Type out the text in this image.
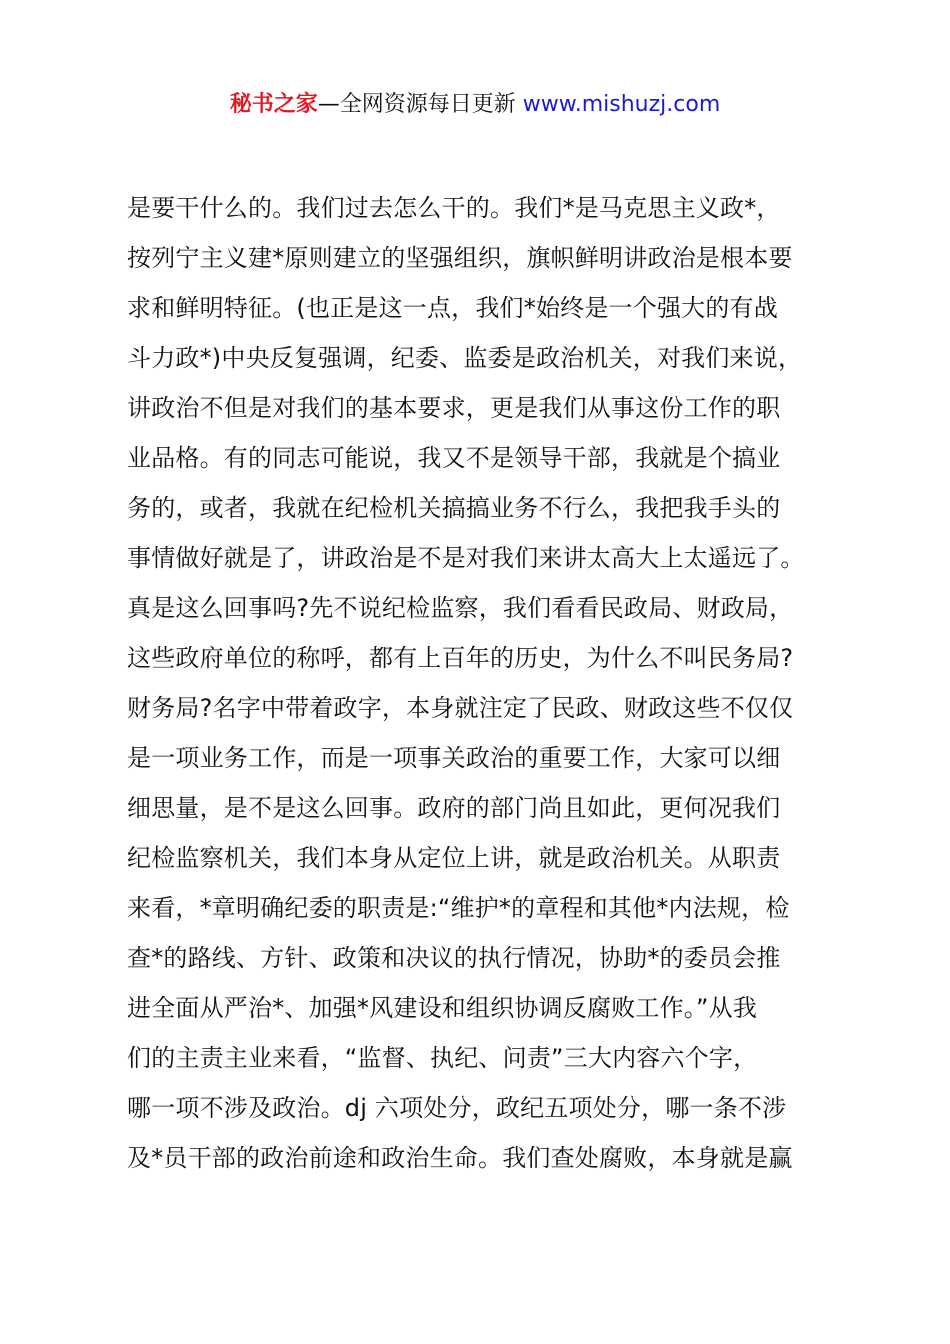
秘书之家—全网资源每日更新 www.mishuzj.com
是要干什么的。我们过去怎么干的。我们*是马克思主义政*，
按列宁主义建*原则建立的坚强组织，旗帜鲜明讲政治是根本要
求和鲜明特征。(也正是这一点，我们*始终是一个强大的有战
斗力政*)中央反复强调，纪委、监委是政治机关，对我们来说，
讲政治不但是对我们的基本要求，更是我们从事这份工作的职
业品格。有的同志可能说，我又不是领导干部，我就是个搞业
务的，或者，我就在纪检机关搞搞业务不行么，我把我手头的
事情做好就是了，讲政治是不是对我们来讲太高大上太遥远了。
真是这么回事吗?先不说纪检监察，我们看看民政局、财政局，
这些政府单位的称呼，都有上百年的历史，为什么不叫民务局?
财务局?名字中带着政字，本身就注定了民政、财政这些不仅仅
是一项业务工作，而是一项事关政治的重要工作，大家可以细
细思量，是不是这么回事。政府的部门尚且如此，更何况我们
纪检监察机关，我们本身从定位上讲，就是政治机关。从职责
来看，*章明确纪委的职责是:“维护*的章程和其他*内法规，检
查*的路线、方针、政策和决议的执行情况，协助*的委员会推
进全面从严治*、加强*风建设和组织协调反腐败工作。”从我
们的主责主业来看，“监督、执纪、问责”三大内容六个字，
哪一项不涉及政治。dj 六项处分，政纪五项处分，哪一条不涉
及*员干部的政治前途和政治生命。我们查处腐败，本身就是赢
